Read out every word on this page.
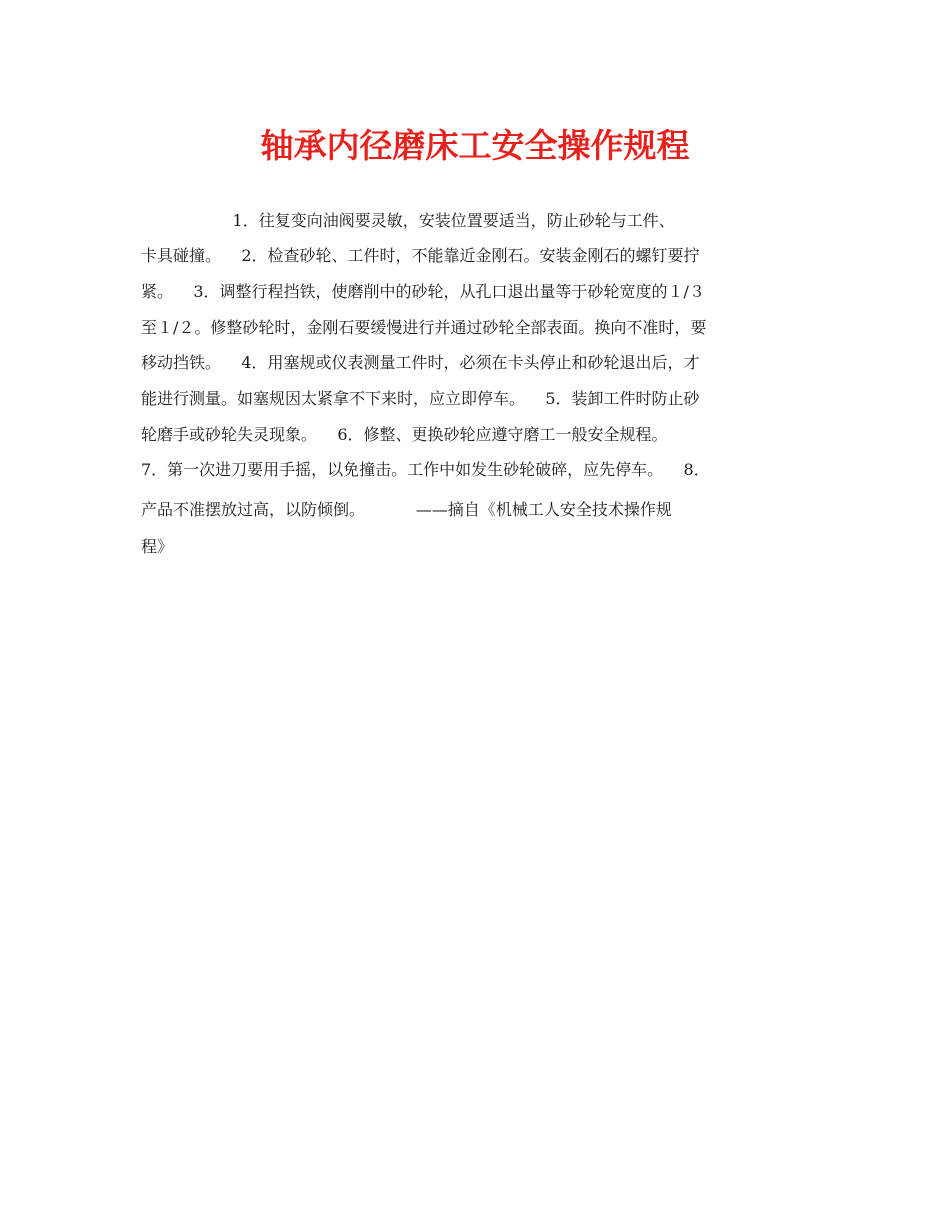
轴承内径磨床工安全操作规程

1．往复变向油阀要灵敏，安装位置要适当，防止砂轮与工件、

卡具碰撞。    2．检查砂轮、工件时，不能靠近金刚石。安装金刚石的螺钉要拧

紧。    3．调整行程挡铁，使磨削中的砂轮，从孔口退出量等于砂轮宽度的１/３

至１/２。修整砂轮时，金刚石要缓慢进行并通过砂轮全部表面。换向不准时，要

移动挡铁。    4．用塞规或仪表测量工件时，必须在卡头停止和砂轮退出后，才

能进行测量。如塞规因太紧拿不下来时，应立即停车。    5．装卸工件时防止砂

轮磨手或砂轮失灵现象。    6．修整、更换砂轮应遵守磨工一般安全规程。

7．第一次进刀要用手摇，以免撞击。工作中如发生砂轮破碎，应先停车。    8．

产品不准摆放过高，以防倾倒。          ——摘自《机械工人安全技术操作规

程》
